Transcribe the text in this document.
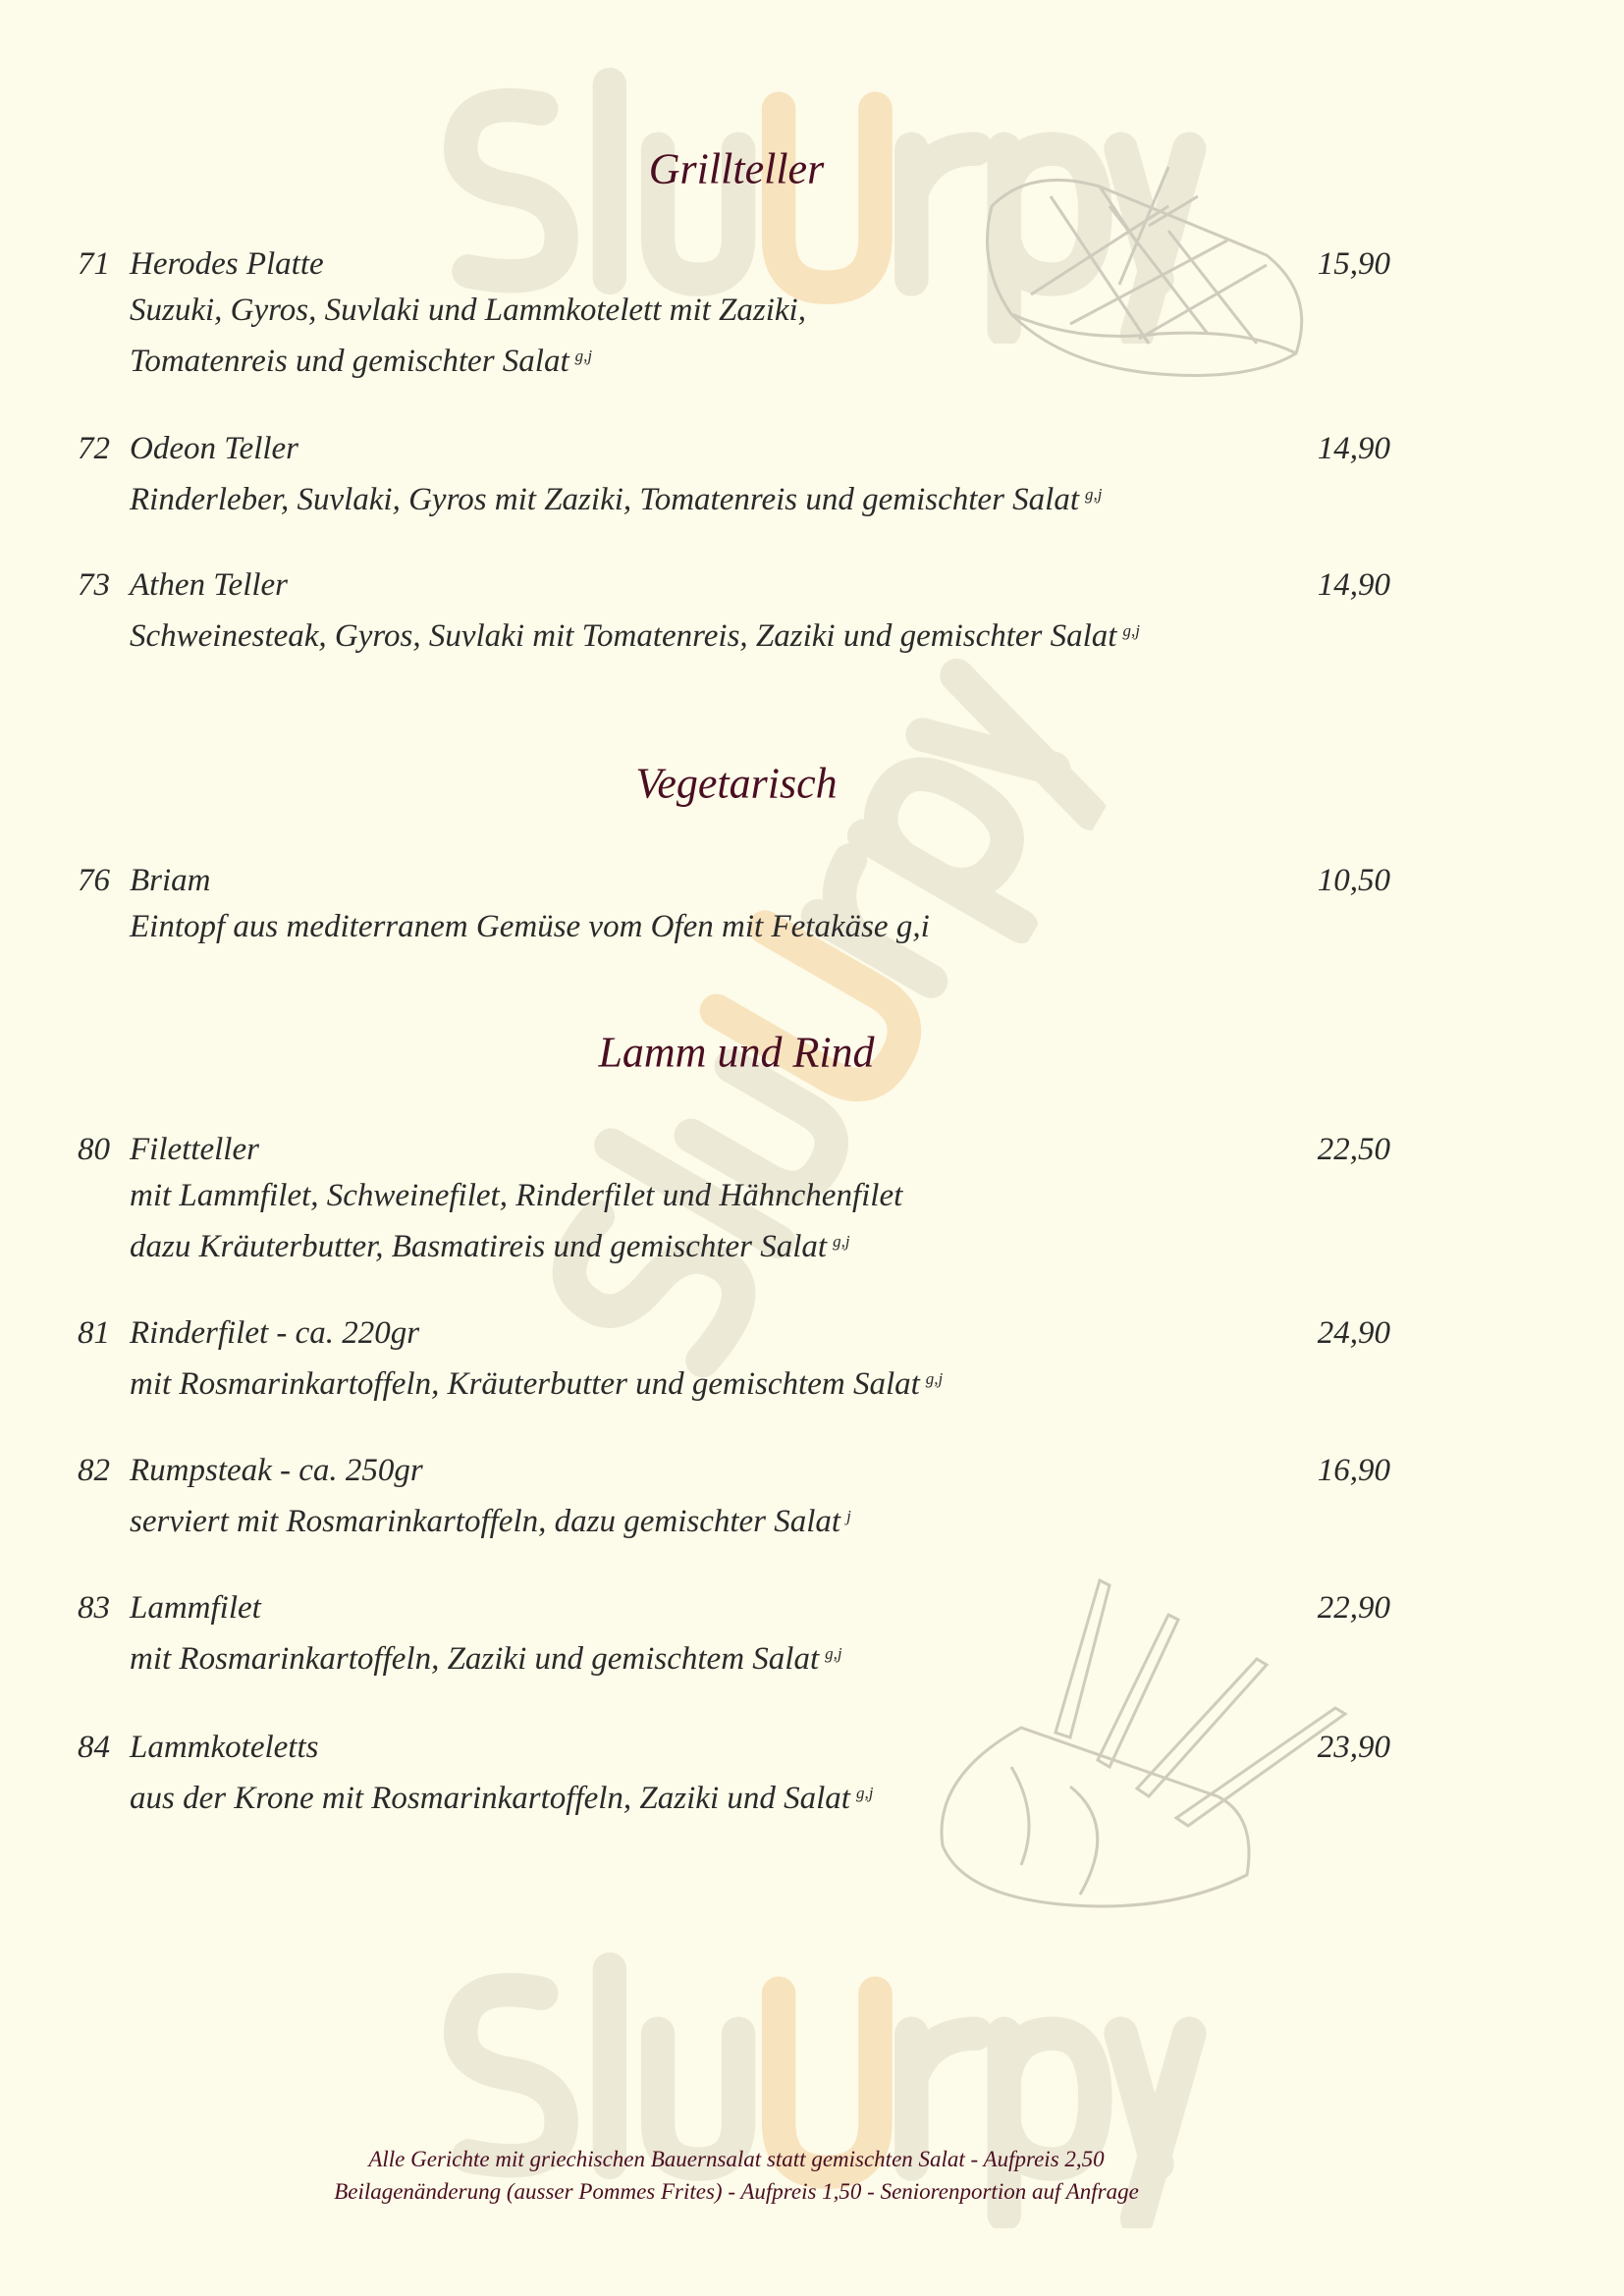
Grillteller
71 Herodes Platte	15,90
Suzuki, Gyros, Suvlaki und Lammkotelett mit Zaziki,
Tomatenreis und gemischter Salat $^{g,j}$
72 Odeon Teller	14,90
Rinderleber, Suvlaki, Gyros mit Zaziki, Tomatenreis und gemischter Salat $^{g,j}$
73 Athen Teller	14,90
Schweinesteak, Gyros, Suvlaki mit Tomatenreis, Zaziki und gemischter Salat $^{g,j}$
Vegetarisch
76 Briam	10,50
Eintopf aus mediterranem Gemüse vom Ofen mit Fetakäse g,i
Lamm und Rind
80 Filetteller	22,50
mit Lammfilet, Schweinefilet, Rinderfilet und Hähnchenfilet
dazu Kräuterbutter, Basmatireis und gemischter Salat $^{g,j}$
81 Rinderfilet - ca. 220gr	24,90
mit Rosmarinkartoffeln, Kräuterbutter und gemischtem Salat $^{g,j}$
82 Rumpsteak - ca. 250gr	16,90
serviert mit Rosmarinkartoffeln, dazu gemischter Salat $^j$
83 Lammfilet	22,90
mit Rosmarinkartoffeln, Zaziki und gemischtem Salat $^{g,j}$
84 Lammkoteletts	23,90
aus der Krone mit Rosmarinkartoffeln, Zaziki und Salat $^{g,j}$
Alle Gerichte mit griechischen Bauernsalat statt gemischten Salat - Aufpreis 2,50
Beilagenänderung (ausser Pommes Frites) - Aufpreis 1,50 - Seniorenportion auf Anfrage
